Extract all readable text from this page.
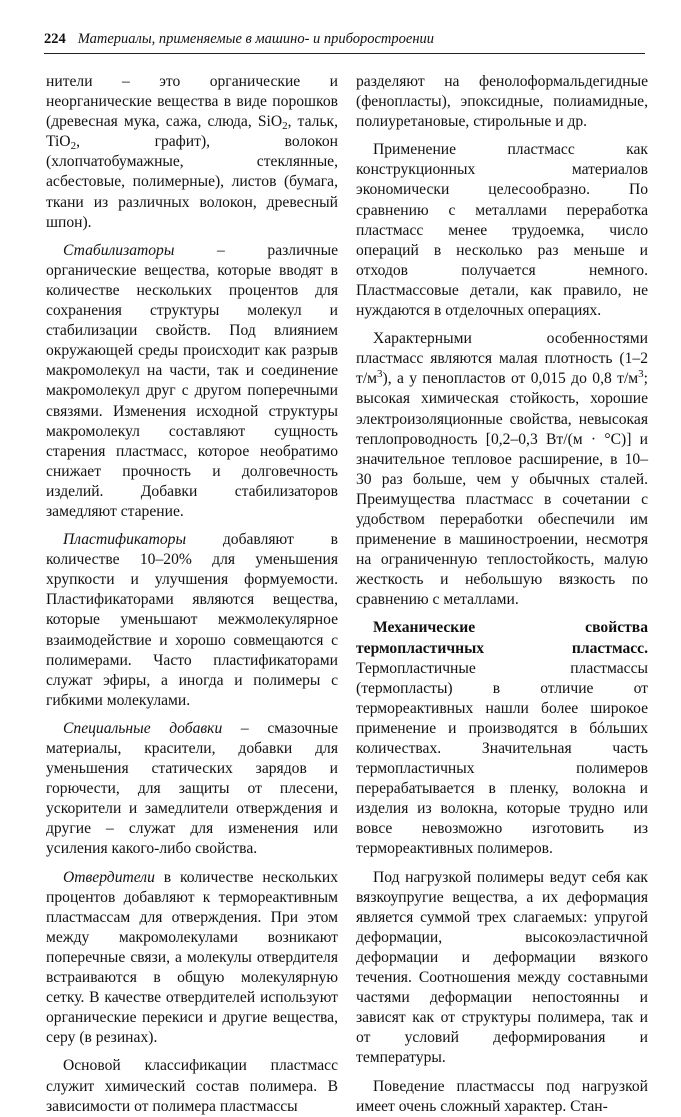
224 Материалы, применяемые в машино- и приборостроении

нители – это органические и неорганические вещества в виде порошков (древесная мука, сажа, слюда, SiO$_2$, тальк, TiO$_2$, графит), волокон (хлопчатобумажные, стеклянные, асбестовые, полимерные), листов (бумага, ткани из различных волокон, древесный шпон).

Стабилизаторы – различные органические вещества, которые вводят в количестве нескольких процентов для сохранения структуры молекул и стабилизации свойств. Под влиянием окружающей среды происходит как разрыв макромолекул на части, так и соединение макромолекул друг с другом поперечными связями. Изменения исходной структуры макромолекул составляют сущность старения пластмасс, которое необратимо снижает прочность и долговечность изделий. Добавки стабилизаторов замедляют старение.

Пластификаторы добавляют в количестве 10–20% для уменьшения хрупкости и улучшения формуемости. Пластификаторами являются вещества, которые уменьшают межмолекулярное взаимодействие и хорошо совмещаются с полимерами. Часто пластификаторами служат эфиры, а иногда и полимеры с гибкими молекулами.

Специальные добавки – смазочные материалы, красители, добавки для уменьшения статических зарядов и горючести, для защиты от плесени, ускорители и замедлители отверждения и другие – служат для изменения или усиления какого-либо свойства.

Отвердители в количестве нескольких процентов добавляют к термореактивным пластмассам для отверждения. При этом между макромолекулами возникают поперечные связи, а молекулы отвердителя встраиваются в общую молекулярную сетку. В качестве отвердителей используют органические перекиси и другие вещества, серу (в резинах).

Основой классификации пластмасс служит химический состав полимера. В зависимости от полимера пластмассы

разделяют на фенолоформальдегидные (фенопласты), эпоксидные, полиамидные, полиуретановые, стирольные и др.

Применение пластмасс как конструкционных материалов экономически целесообразно. По сравнению с металлами переработка пластмасс менее трудоемка, число операций в несколько раз меньше и отходов получается немного. Пластмассовые детали, как правило, не нуждаются в отделочных операциях.

Характерными особенностями пластмасс являются малая плотность (1–2 $т/м^3$), а у пенопластов от 0,015 до 0,8 $т/м^3$; высокая химическая стойкость, хорошие электроизоляционные свойства, невысокая теплопроводность [0,2–0,3 Вт/(м · °С)] и значительное тепловое расширение, в 10–30 раз больше, чем у обычных сталей. Преимущества пластмасс в сочетании с удобством переработки обеспечили им применение в машиностроении, несмотря на ограниченную теплостойкость, малую жесткость и небольшую вязкость по сравнению с металлами.

Механические свойства термопластичных пластмасс. Термопластичные пластмассы (термопласты) в отличие от термореактивных нашли более широкое применение и производятся в бóльших количествах. Значительная часть термопластичных полимеров перерабатывается в пленку, волокна и изделия из волокна, которые трудно или вовсе невозможно изготовить из термореактивных полимеров.

Под нагрузкой полимеры ведут себя как вязкоупругие вещества, а их деформация является суммой трех слагаемых: упругой деформации, высокоэластичной деформации и деформации вязкого течения. Соотношения между составными частями деформации непостоянны и зависят как от структуры полимера, так и от условий деформирования и температуры.

Поведение пластмассы под нагрузкой имеет очень сложный характер. Стан-
